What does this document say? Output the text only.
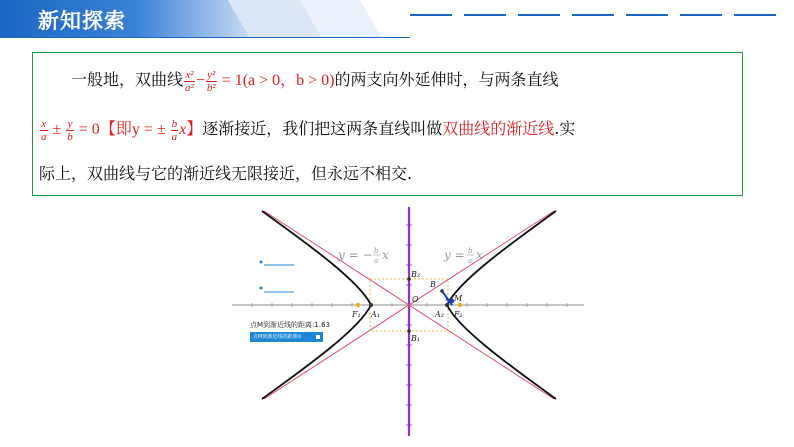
新知探索
一般地，双曲线 $\frac{\text{x²}}{\text{a²}} - \frac{\text{y²}}{\text{b²}} = 1(a > 0$，b > 0)的两支向外延伸时，与两条直线
$\frac{x}{a} \pm \frac{y}{b} = 0$【即y = ± $\frac{b}{a}$ x】逐渐接近，我们把这两条直线叫做双曲线的渐近线.实
际上，双曲线与它的渐近线无限接近，但永远不相交.
F₁	F₂
A₁	A₂
B₂
B₁
B
M
O
y = − b
a x	y = b
a x
点M到渐近线的距离:1.63
点M到渐近线的距离⊙
